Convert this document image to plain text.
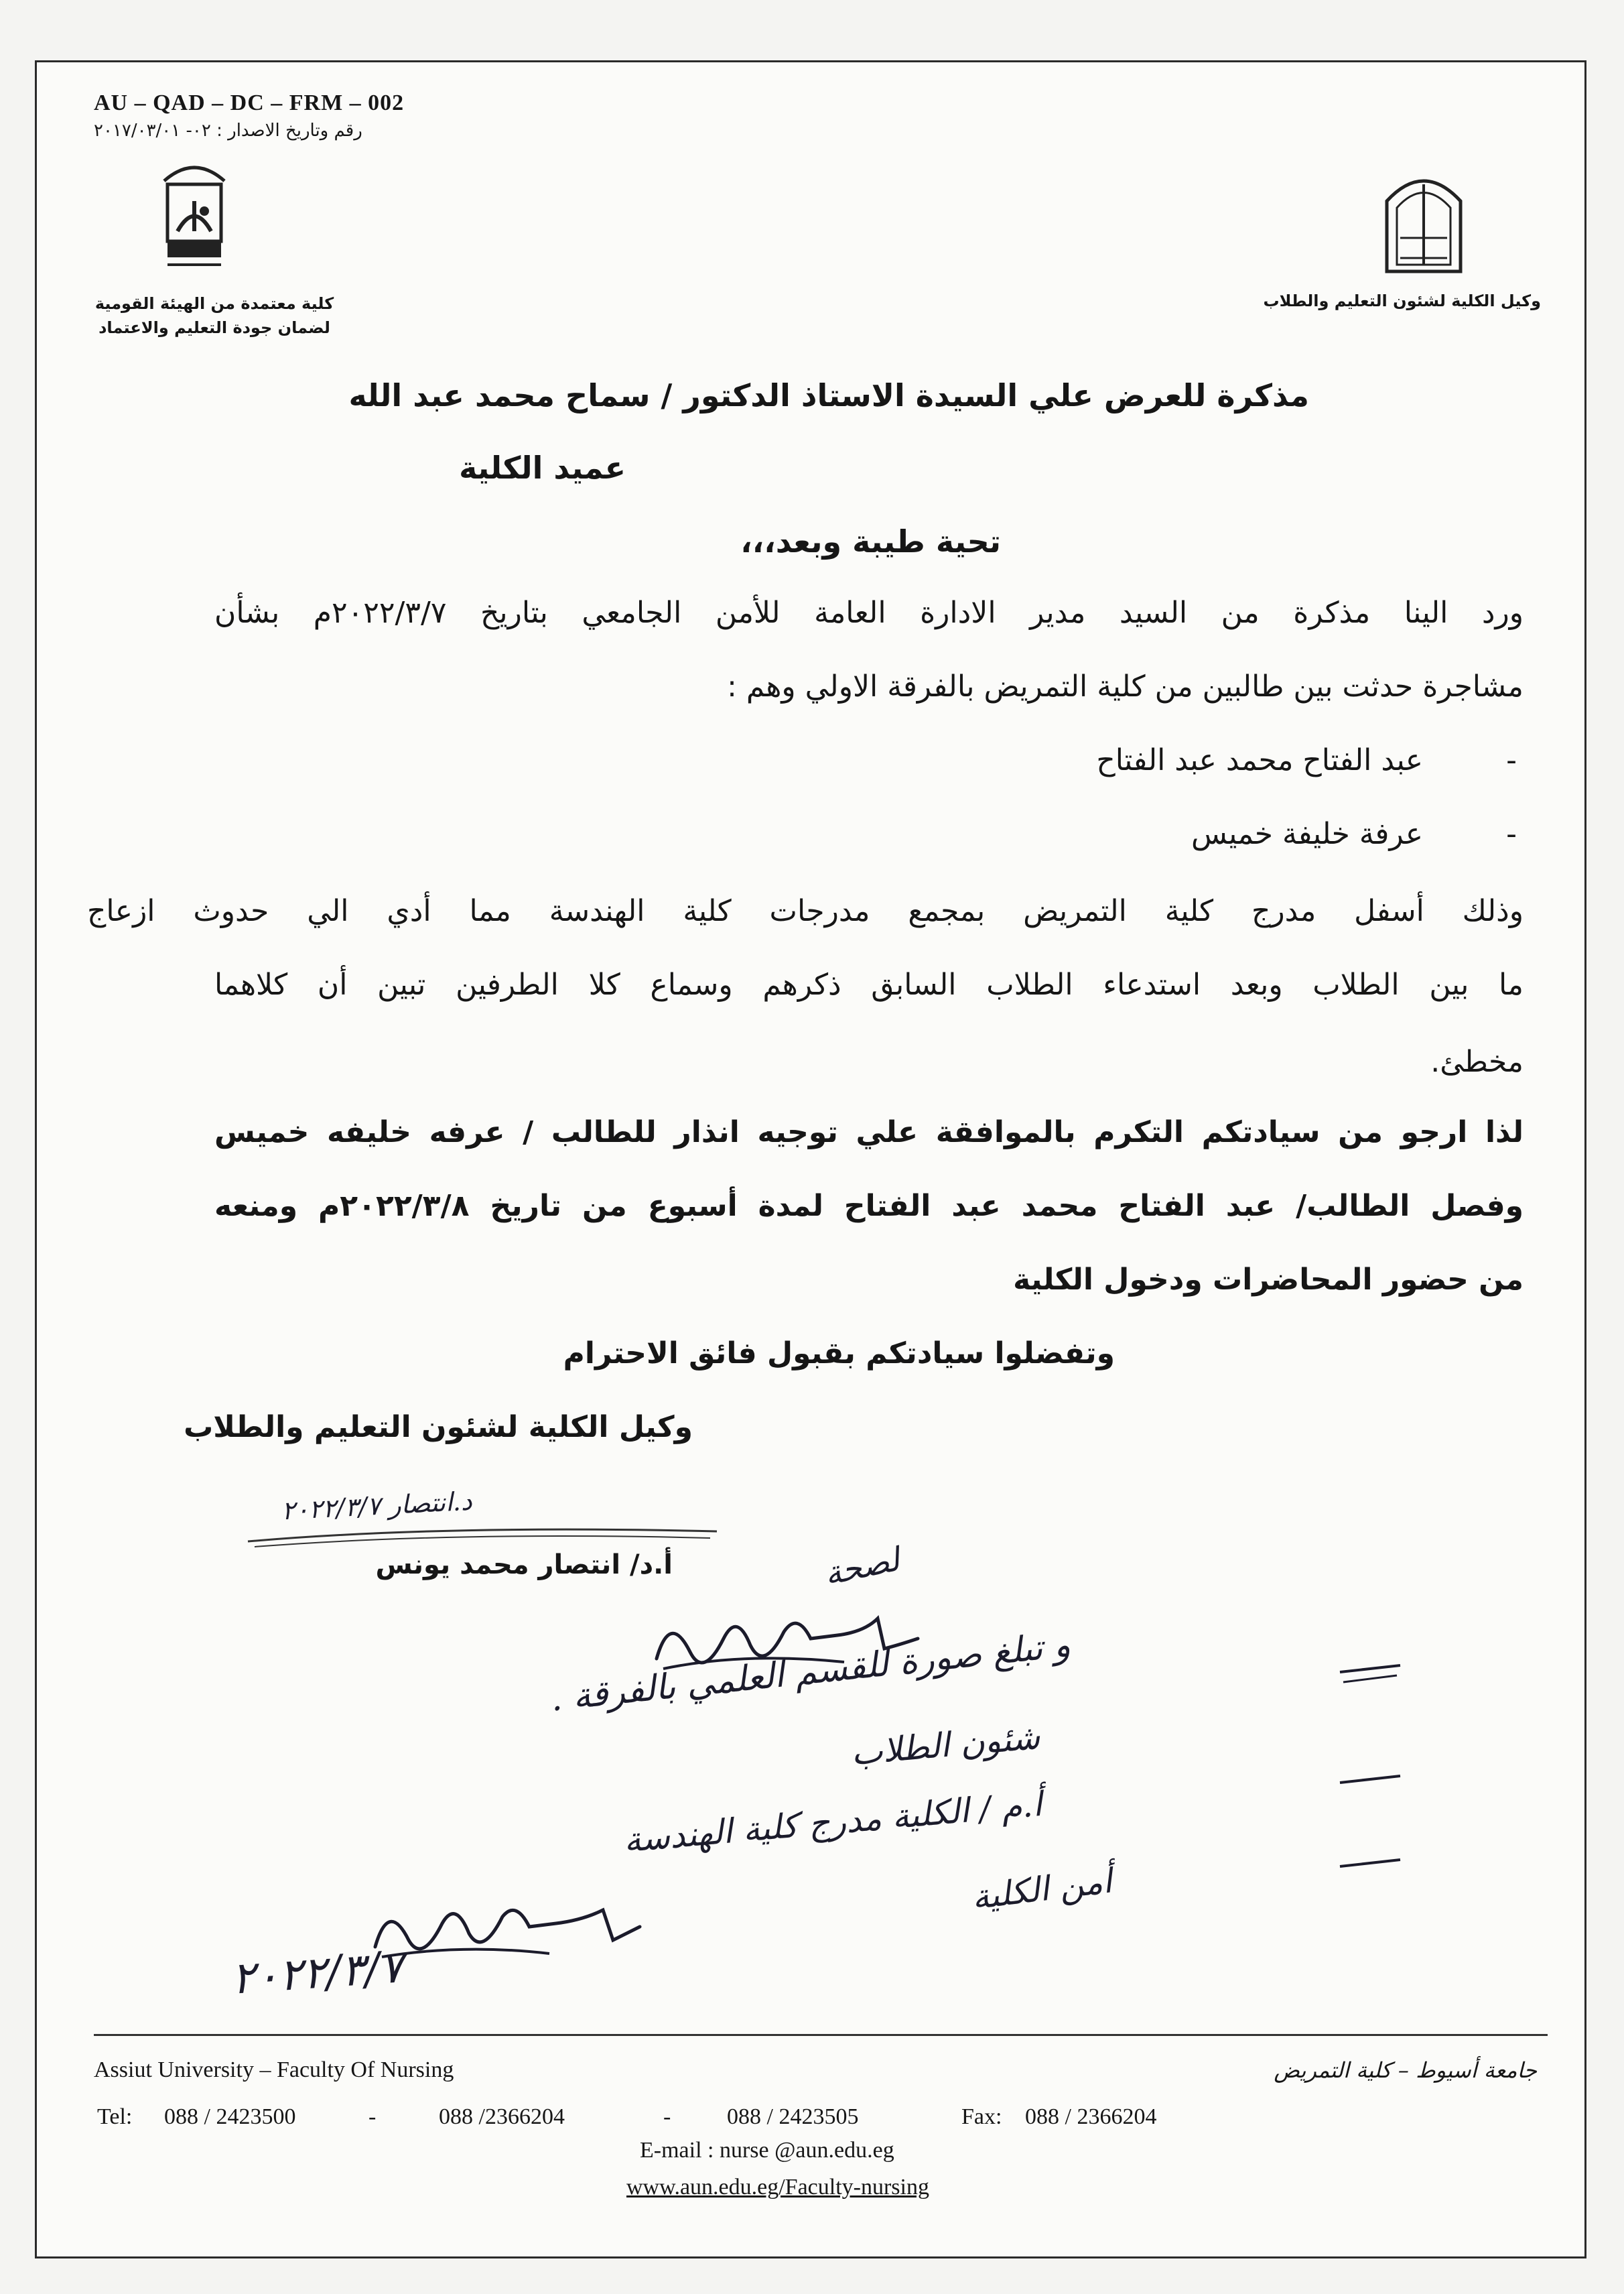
AU – QAD – DC – FRM – 002
رقم وتاريخ الاصدار : ٠٢- ٢٠١٧/٠٣/٠١
كلية معتمدة من الهيئة القومية
لضمان جودة التعليم والاعتماد
وكيل الكلية لشئون التعليم والطلاب
مذكرة للعرض علي السيدة الاستاذ الدكتور / سماح محمد عبد الله
عميد الكلية
تحية طيبة وبعد،،،
ورد الينا مذكرة من السيد مدير الادارة العامة للأمن الجامعي بتاريخ ٢٠٢٢/٣/٧م بشأن
مشاجرة حدثت بين طالبين من كلية التمريض بالفرقة الاولي وهم :
عبد الفتاح محمد عبد الفتاح	-
عرفة خليفة خميس	-
وذلك أسفل مدرج كلية التمريض بمجمع مدرجات كلية الهندسة مما أدي الي حدوث ازعاج
ما بين الطلاب وبعد استدعاء الطلاب السابق ذكرهم وسماع كلا الطرفين تبين أن كلاهما
مخطئ.
لذا ارجو من سيادتكم التكرم بالموافقة علي توجيه انذار للطالب / عرفه خليفه خميس
وفصل الطالب/ عبد الفتاح محمد عبد الفتاح لمدة أسبوع من تاريخ ٢٠٢٢/٣/٨م ومنعه
من حضور المحاضرات ودخول الكلية
وتفضلوا سيادتكم بقبول فائق الاحترام
وكيل الكلية لشئون التعليم والطلاب
أ.د/ انتصار محمد يونس
د.انتصار ٢٠٢٢/٣/٧
لصحة
و تبلغ صورة للقسم العلمي بالفرقة .
شئون الطلاب
أ.م / الكلية مدرج كلية الهندسة
أمن الكلية
٢٠٢٢/٣/٧
Assiut University – Faculty Of Nursing	جامعة أسيوط – كلية التمريض
Tel: 088 / 2423500	-	088 /2366204	- 088 / 2423505	Fax: 088 / 2366204
E-mail : nurse @aun.edu.eg
www.aun.edu.eg/Faculty-nursing
